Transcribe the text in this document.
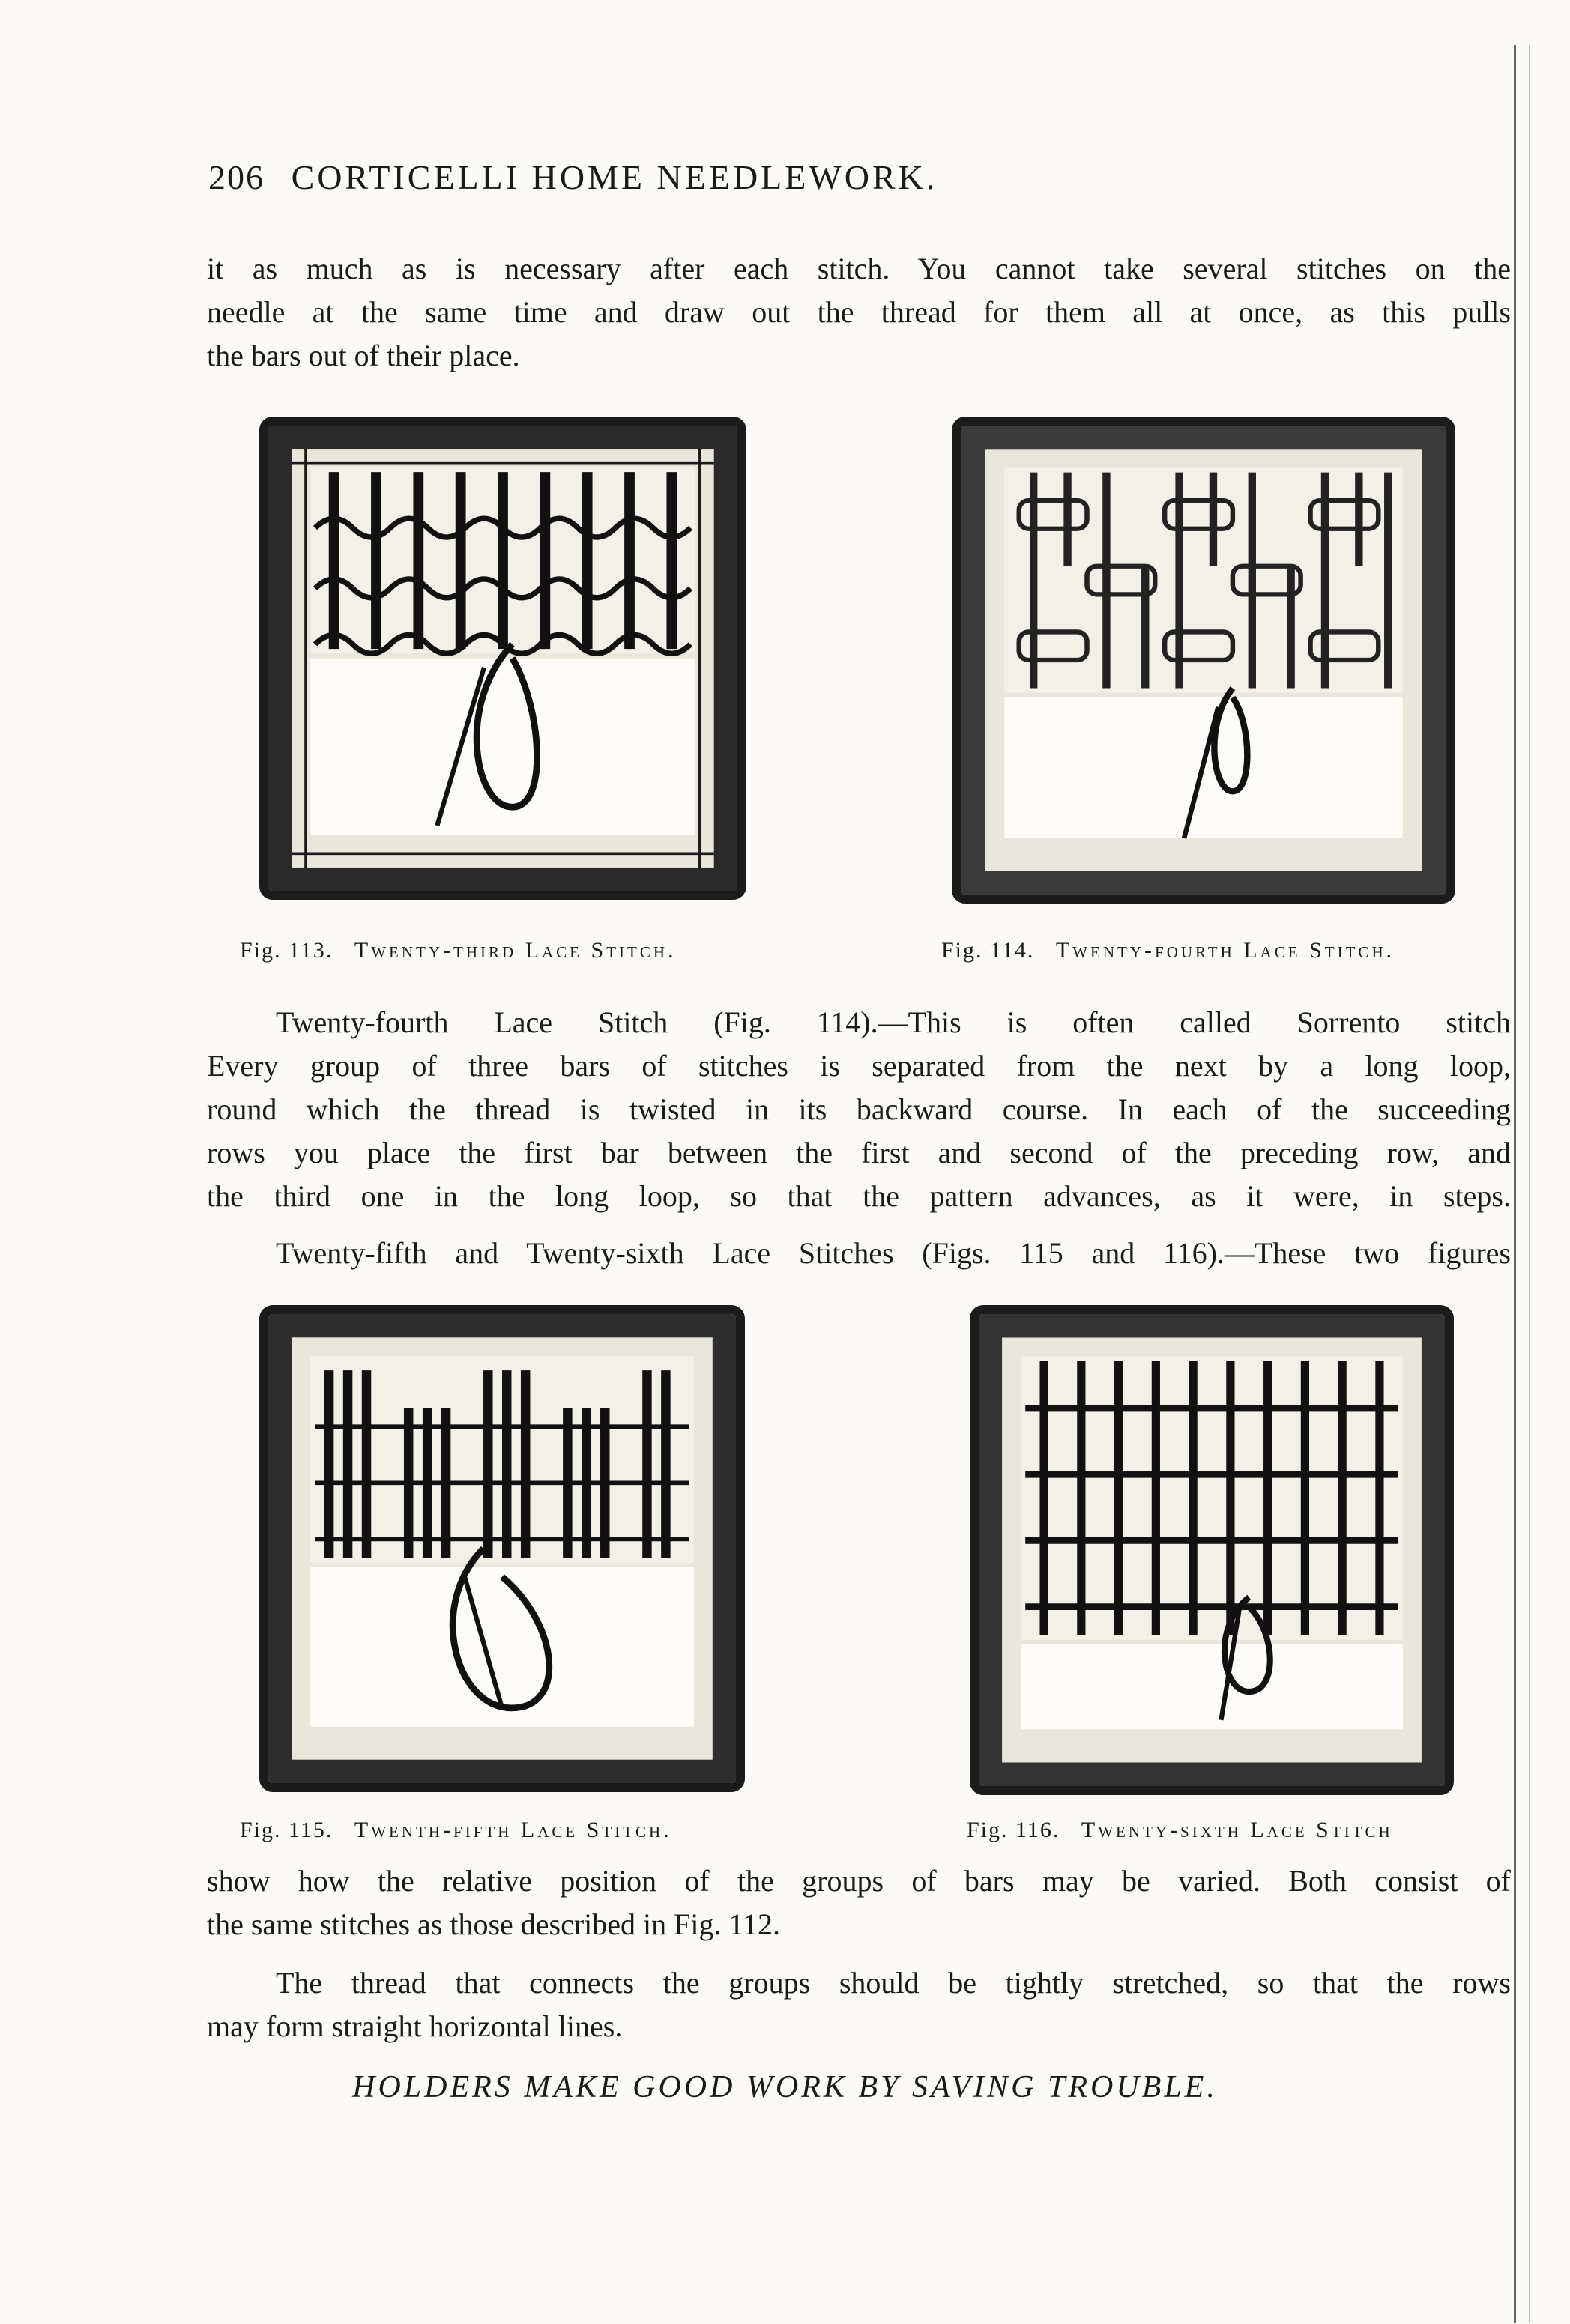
206 CORTICELLI HOME NEEDLEWORK.
it as much as is necessary after each stitch. You cannot take several stitches on the
needle at the same time and draw out the thread for them all at once, as this pulls
the bars out of their place.
Fig. 113. Twenty-third Lace Stitch.	Fig. 114. Twenty-fourth Lace Stitch.
Twenty-fourth Lace Stitch (Fig. 114).—This is often called Sorrento stitch
Every group of three bars of stitches is separated from the next by a long loop,
round which the thread is twisted in its backward course. In each of the succeeding
rows you place the first bar between the first and second of the preceding row, and
the third one in the long loop, so that the pattern advances, as it were, in steps.
Twenty-fifth and Twenty-sixth Lace Stitches (Figs. 115 and 116).—These two figures
Fig. 115. Twenth-fifth Lace Stitch.	Fig. 116. Twenty-sixth Lace Stitch
show how the relative position of the groups of bars may be varied. Both consist of
the same stitches as those described in Fig. 112.
The thread that connects the groups should be tightly stretched, so that the rows
may form straight horizontal lines.
HOLDERS MAKE GOOD WORK BY SAVING TROUBLE.
